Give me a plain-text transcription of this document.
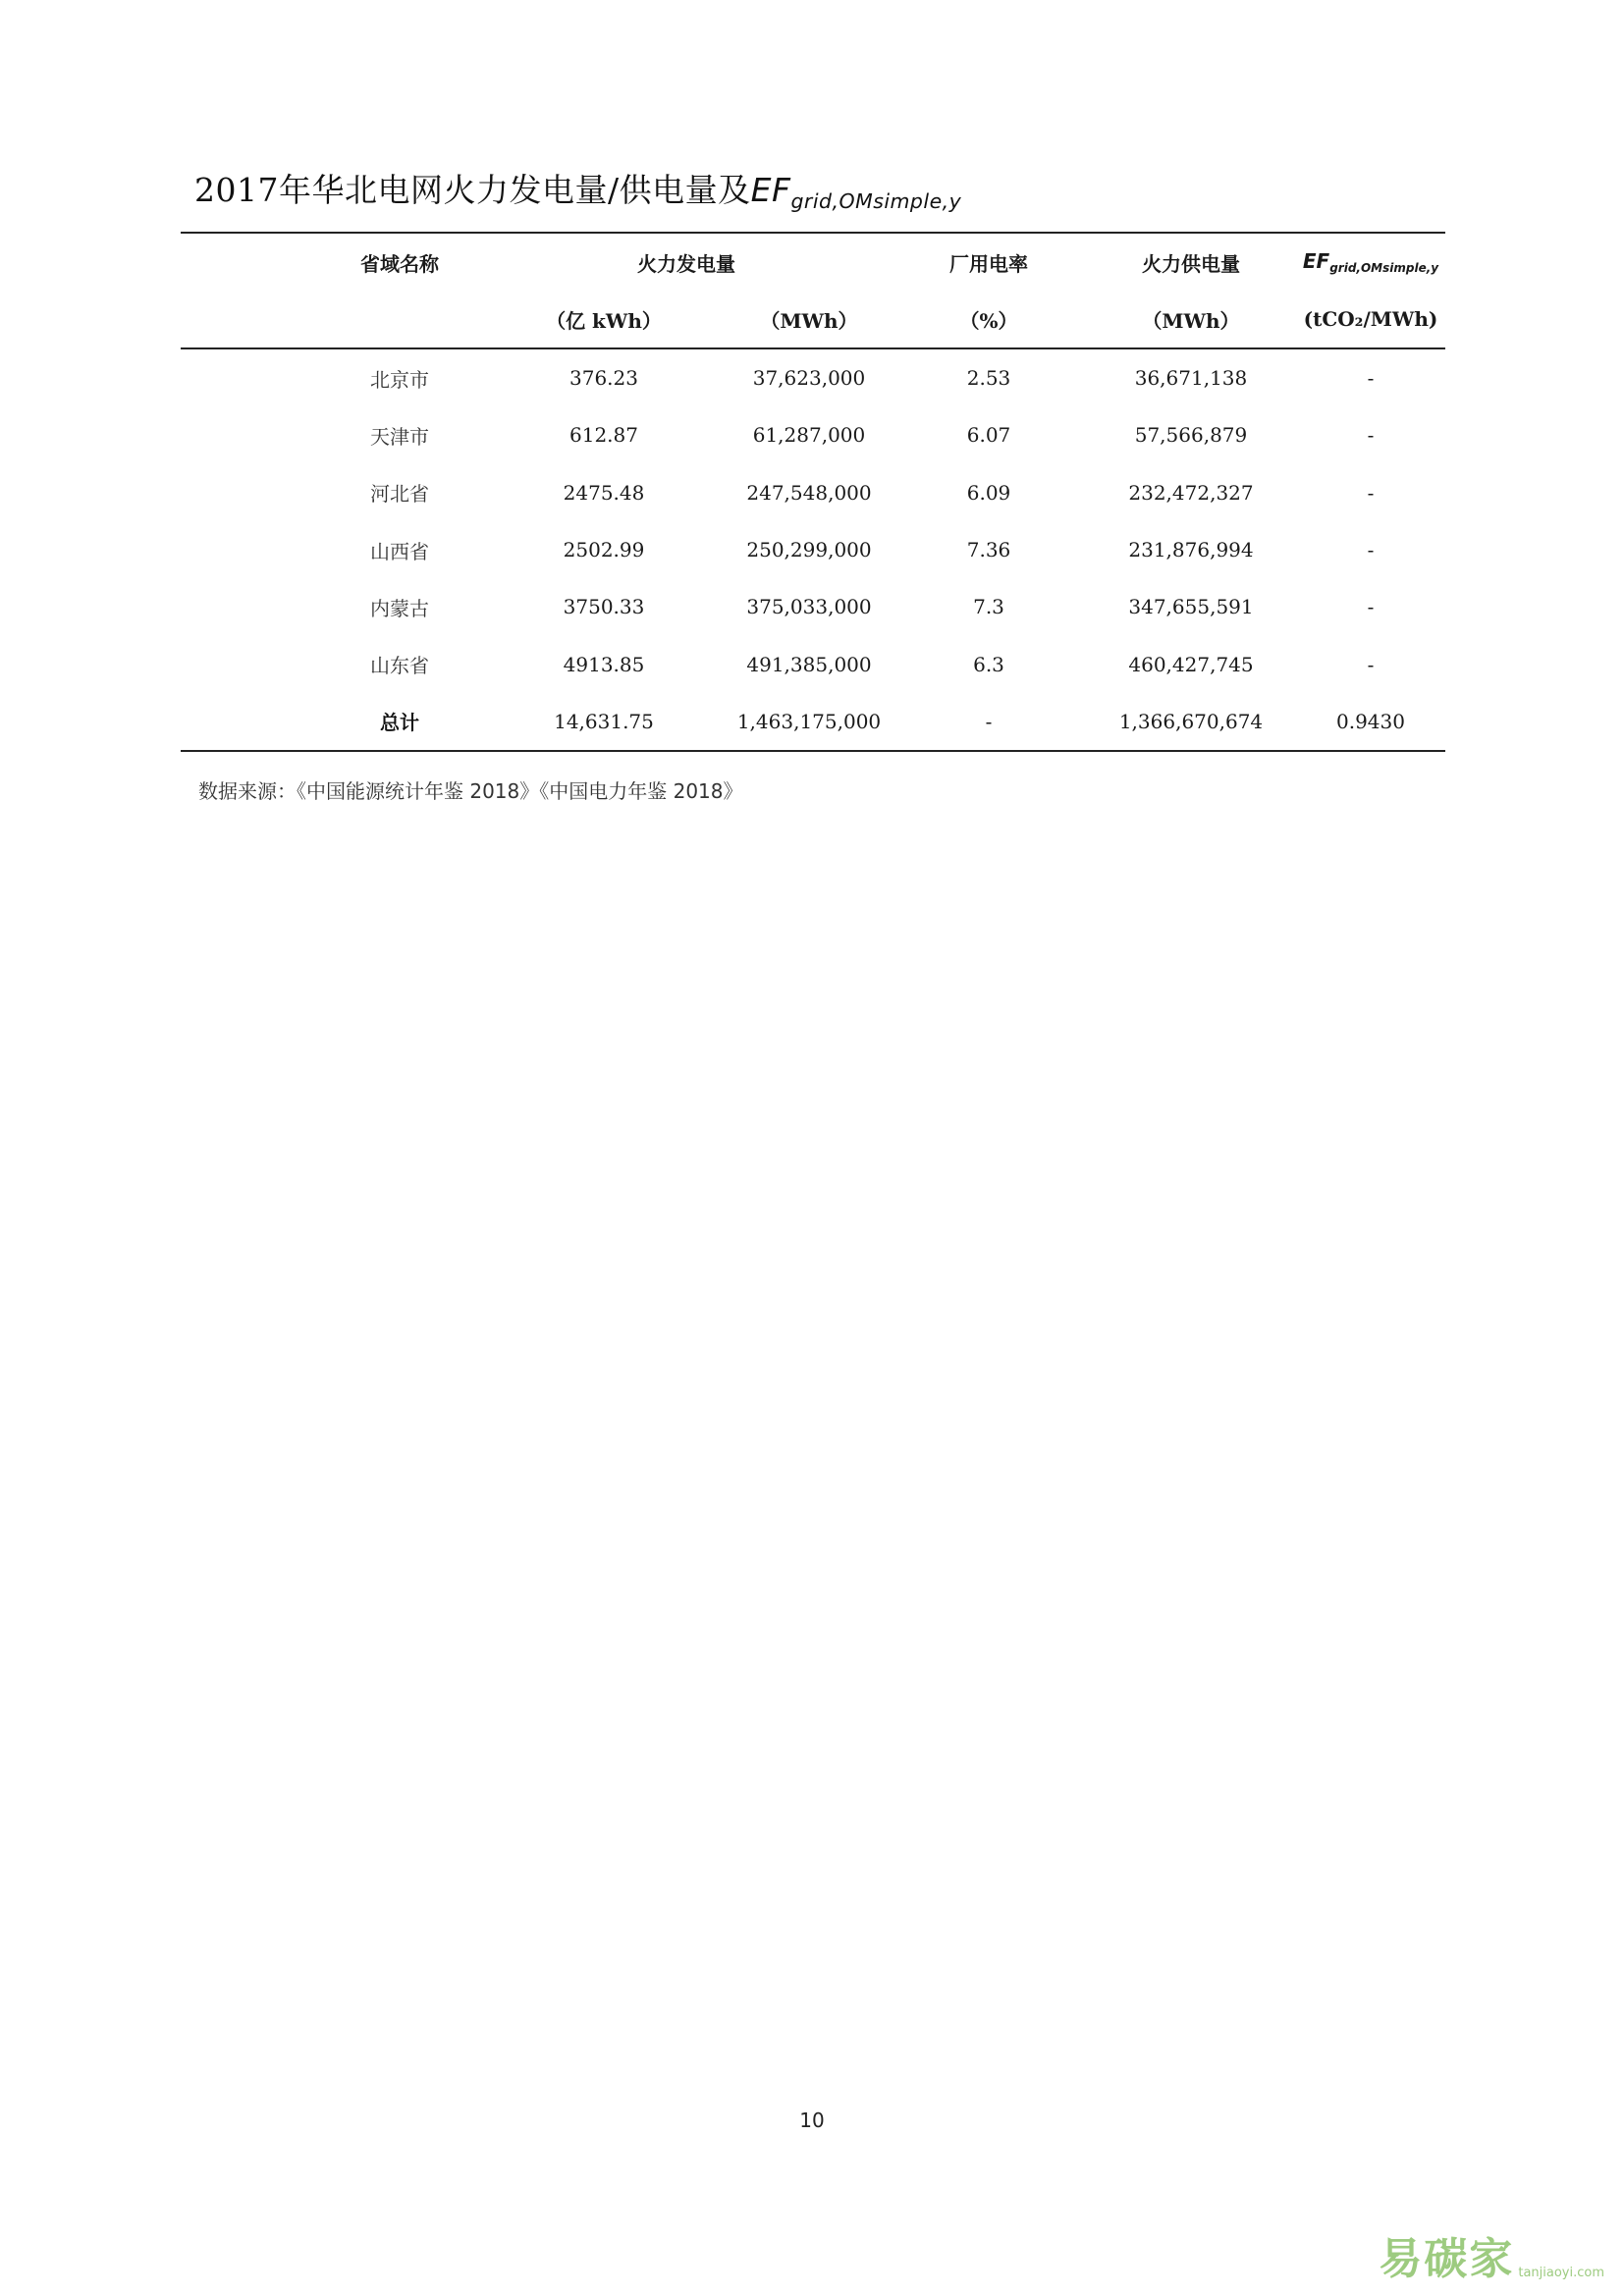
2017年华北电网火力发电量/供电量及$EF_{grid,OMsimple,y}$
	省域名称	火力发电量		厂用电率	火力供电量	$EF_{grid,OMsimple,y}$
		（亿 kWh）	（MWh）	（%）	（MWh）	(tCO₂/MWh)
	北京市	376.23	37,623,000	2.53	36,671,138	-
	天津市	612.87	61,287,000	6.07	57,566,879	-
	河北省	2475.48	247,548,000	6.09	232,472,327	-
	山西省	2502.99	250,299,000	7.36	231,876,994	-
	内蒙古	3750.33	375,033,000	7.3	347,655,591	-
	山东省	4913.85	491,385,000	6.3	460,427,745	-
	总计	14,631.75	1,463,175,000	-	1,366,670,674	0.9430
数据来源：《中国能源统计年鉴 2018》《中国电力年鉴 2018》
10
易碳家 tanjiaoyi.com
